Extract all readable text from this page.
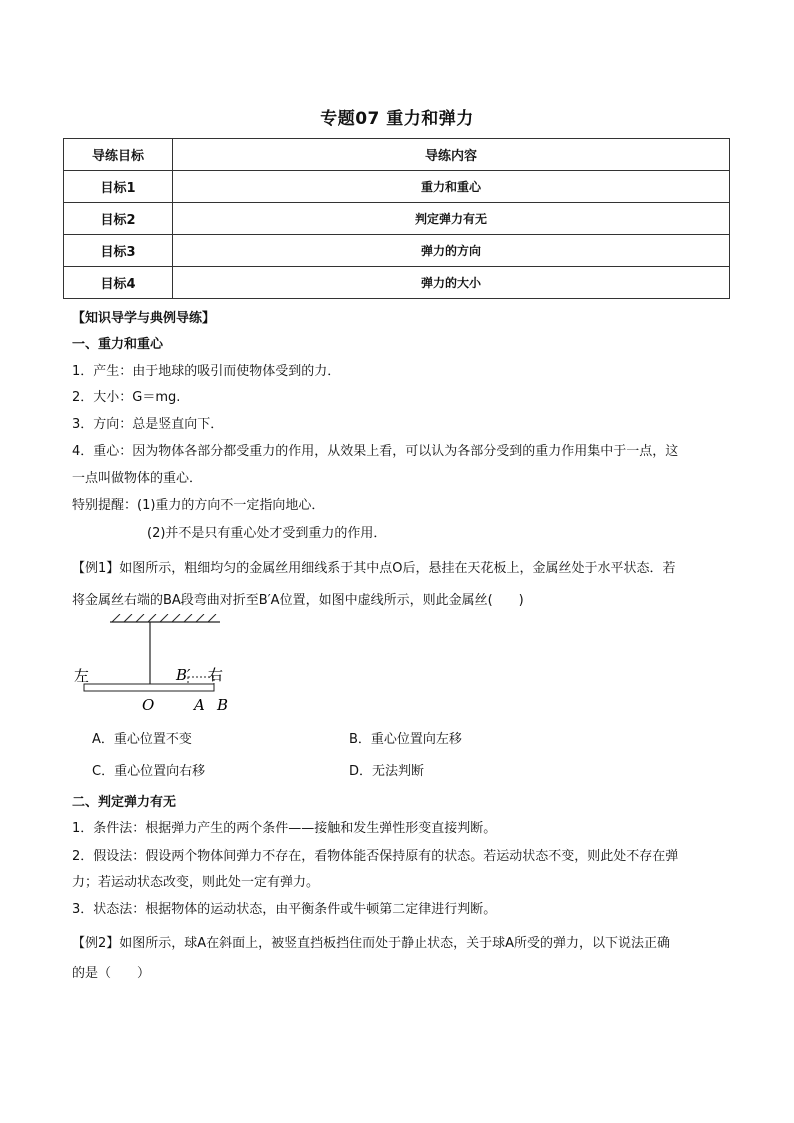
专题07 重力和弹力
导练目标	导练内容
目标1	重力和重心
目标2	判定弹力有无
目标3	弹力的方向
目标4	弹力的大小
【知识导学与典例导练】
一、重力和重心
1．产生：由于地球的吸引而使物体受到的力．
2．大小：G＝mg.
3．方向：总是竖直向下．
4．重心：因为物体各部分都受重力的作用，从效果上看，可以认为各部分受到的重力作用集中于一点，这
一点叫做物体的重心．
特别提醒：(1)重力的方向不一定指向地心．
(2)并不是只有重心处才受到重力的作用．
【例1】如图所示，粗细均匀的金属丝用细线系于其中点O后，悬挂在天花板上，金属丝处于水平状态．若
将金属丝右端的BA段弯曲对折至B′A位置，如图中虚线所示，则此金属丝(　　)
左	右
B′
O	A B
A．重心位置不变	B．重心位置向左移
C．重心位置向右移	D．无法判断
二、判定弹力有无
1．条件法：根据弹力产生的两个条件——接触和发生弹性形变直接判断。
2．假设法：假设两个物体间弹力不存在，看物体能否保持原有的状态。若运动状态不变，则此处不存在弹
力；若运动状态改变，则此处一定有弹力。
3．状态法：根据物体的运动状态，由平衡条件或牛顿第二定律进行判断。
【例2】如图所示，球A在斜面上，被竖直挡板挡住而处于静止状态，关于球A所受的弹力，以下说法正确
的是（　　）
